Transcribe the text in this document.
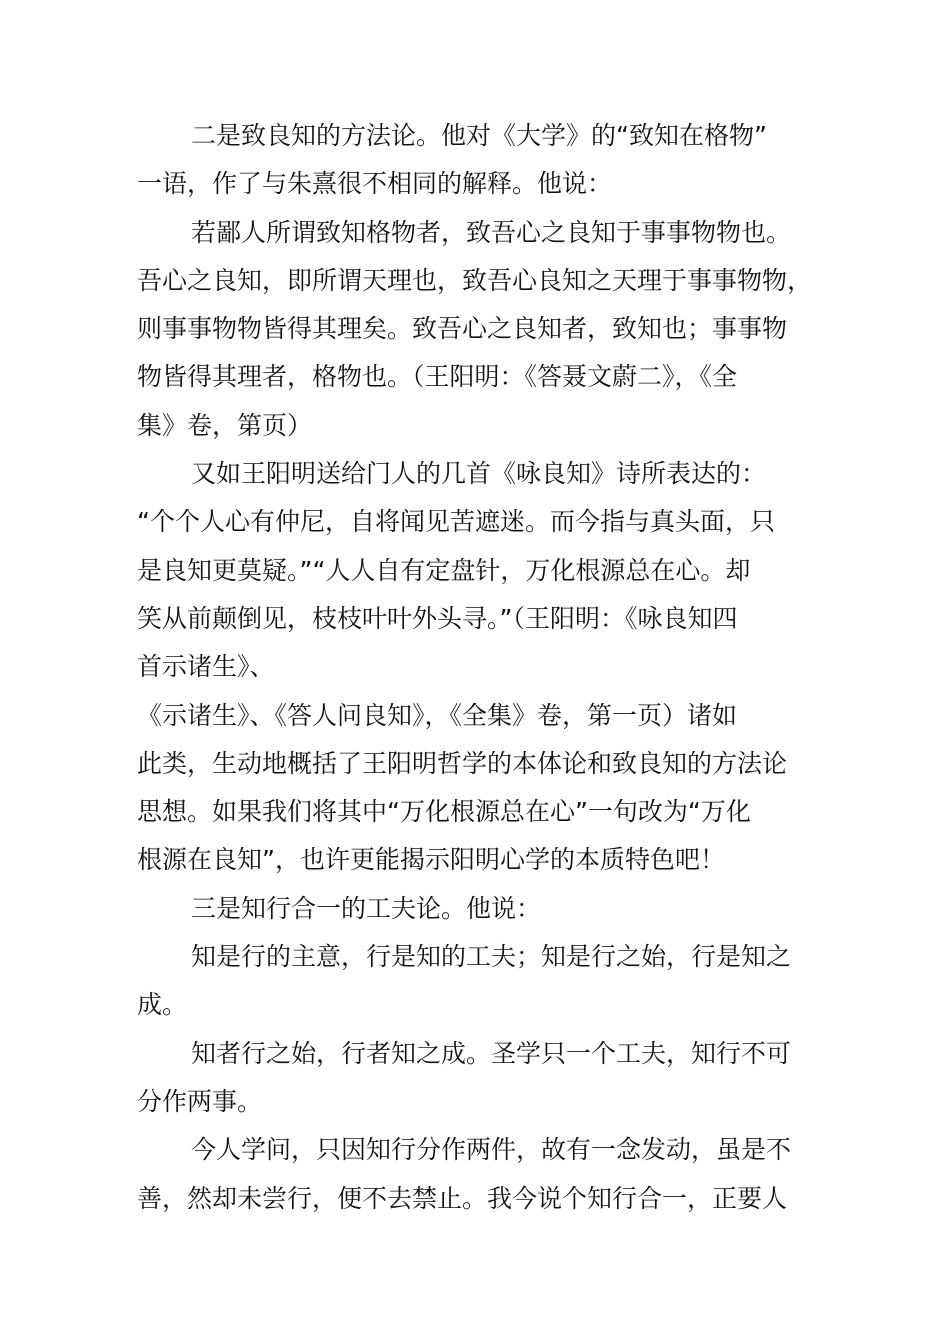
二是致良知的方法论。他对《大学》的“致知在格物”
一语，作了与朱熹很不相同的解释。他说：
若鄙人所谓致知格物者，致吾心之良知于事事物物也。
吾心之良知，即所谓天理也，致吾心良知之天理于事事物物，
则事事物物皆得其理矣。致吾心之良知者，致知也；事事物
物皆得其理者，格物也。（王阳明：《答聂文蔚二》，《全
集》卷，第页）
又如王阳明送给门人的几首《咏良知》诗所表达的：
“个个人心有仲尼，自将闻见苦遮迷。而今指与真头面，只
是良知更莫疑。”“人人自有定盘针，万化根源总在心。却
笑从前颠倒见，枝枝叶叶外头寻。”（王阳明：《咏良知四
首示诸生》、
《示诸生》、《答人问良知》，《全集》卷，第一页）诸如
此类，生动地概括了王阳明哲学的本体论和致良知的方法论
思想。如果我们将其中“万化根源总在心”一句改为“万化
根源在良知”，也许更能揭示阳明心学的本质特色吧！
三是知行合一的工夫论。他说：
知是行的主意，行是知的工夫；知是行之始，行是知之
成。
知者行之始，行者知之成。圣学只一个工夫，知行不可
分作两事。
今人学问，只因知行分作两件，故有一念发动，虽是不
善，然却未尝行，便不去禁止。我今说个知行合一，正要人
